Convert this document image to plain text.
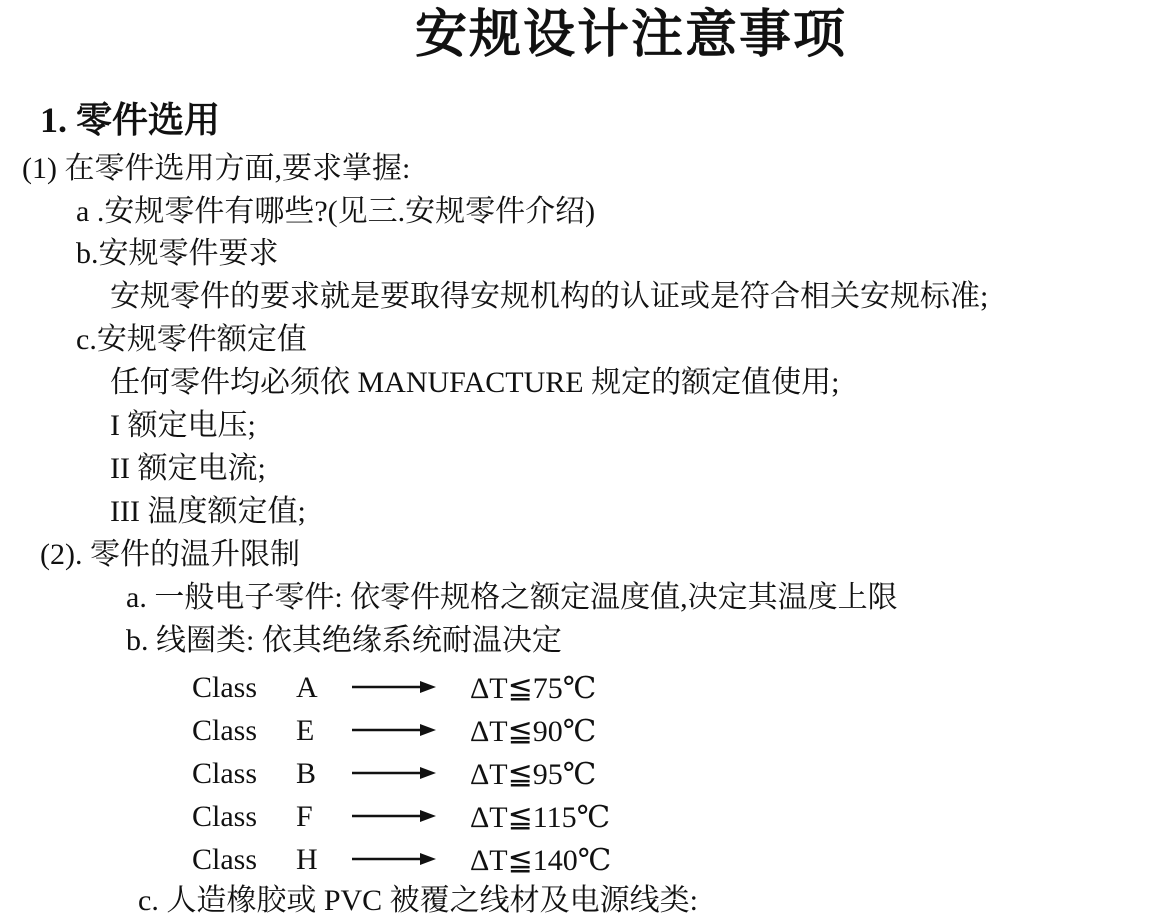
安规设计注意事项
1. 零件选用
(1) 在零件选用方面,要求掌握:
a .安规零件有哪些?(见三.安规零件介绍)
b.安规零件要求
安规零件的要求就是要取得安规机构的认证或是符合相关安规标准;
c.安规零件额定值
任何零件均必须依 MANUFACTURE 规定的额定值使用;
I 额定电压;
II 额定电流;
III 温度额定值;
(2). 零件的温升限制
a. 一般电子零件: 依零件规格之额定温度值,决定其温度上限
b. 线圈类: 依其绝缘系统耐温决定
Class A	ΔT≦75℃
Class E	ΔT≦90℃
Class B	ΔT≦95℃
Class F	ΔT≦115℃
Class H	ΔT≦140℃
c. 人造橡胶或 PVC 被覆之线材及电源线类:
